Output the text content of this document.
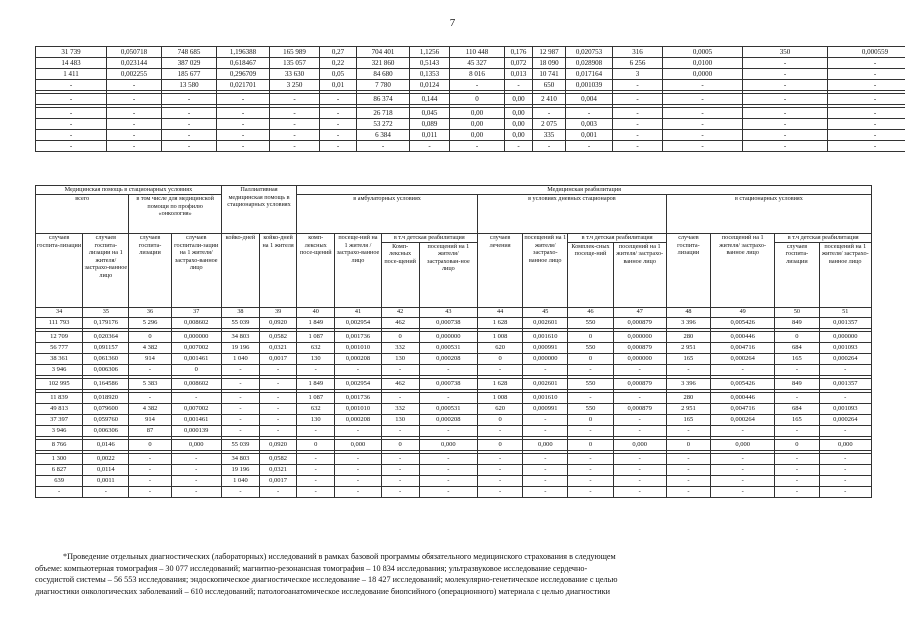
7
31 739	0,050718	748 685	1,196388	165 989	0,27	704 401	1,1256	110 448	0,176	12 987	0,020753	316	0,0005	350	0,000559
14 483	0,023144	387 029	0,618467	135 057	0,22	321 860	0,5143	45 327	0,072	18 090	0,028908	6 256	0,0100	-	-
1 411	0,002255	185 677	0,296709	33 630	0,05	84 680	0,1353	8 016	0,013	10 741	0,017164	3	0,0000	-	-
-	-	13 580	0,021701	3 250	0,01	7 780	0,0124	-	-	650	0,001039	-	-	-	-

-	-	-	-	-	-	86 374	0,144	0	0,00	2 410	0,004	-	-	-	-

-	-	-	-	-	-	26 718	0,045	0,00	0,00	-	-	-	-	-	-
-	-	-	-	-	-	53 272	0,089	0,00	0,00	2 075	0,003	-	-	-	-
-	-	-	-	-	-	6 384	0,011	0,00	0,00	335	0,001	-	-	-	-
-	-	-	-	-	-	-	-	-	-	-	-	-	-	-	-
Медицинская помощь в стационарных условиях				Паллиативная медицинская помощь в стационарных условиях		Медицинская реабилитация											
всего		в том числе для медицинской помощи по профилю «онкология»				в амбулаторных условиях				в условиях дневных стационаров				в стационарных условиях			
случаев госпита-лизации	случаев госпита-лизации на 1 жителя/ застрахо-ванное лицо	случаев госпита-лизации	случаев госпитали-зации на 1 жителя/ застрахо-ванное лицо	койко-дней	койко-дней на 1 жителя	комп-лексных посе-щений	посеще-ний на 1 жителя /застрахо-ванное лицо	в т.ч детская реабилитация		случаев лечения	посещений на 1 жителя/ застрахо-ванное лицо	в т.ч детская реабилитация		случаев госпита-лизации	посещений на 1 жителя/ застрахо-ванное лицо	в т.ч детская реабилитация	
								Комп-лексных посе-щений	посещений на 1 жителя/ застрахован-ное лицо			Комплек-сных посеще-ний	посещений на 1 жителя/ застрахо-ванное лицо			случаев госпита-лизации	посещений на 1 жителя/ застрахо-ванное лицо
34	35	36	37	38	39	40	41	42	43	44	45	46	47	48	49	50	51
111 793	0,179176	5 296	0,008602	55 039	0,0920	1 849	0,002954	462	0,000738	1 628	0,002601	550	0,000879	3 396	0,005426	849	0,001357

12 709	0,020364	0	0,000000	34 803	0,0582	1 087	0,001736	0	0,000000	1 008	0,001610	0	0,000000	280	0,000446	0	0,000000
56 777	0,091157	4 382	0,007002	19 196	0,0321	632	0,001010	332	0,000531	620	0,000991	550	0,000879	2 951	0,004716	684	0,001093
38 361	0,061360	914	0,001461	1 040	0,0017	130	0,000208	130	0,000208	0	0,000000	0	0,000000	165	0,000264	165	0,000264
3 946	0,006306	-	0	-	-	-	-	-	-	-	-	-	-	-	-	-	-

102 995	0,164586	5 383	0,008602	-	-	1 849	0,002954	462	0,000738	1 628	0,002601	550	0,000879	3 396	0,005426	849	0,001357

11 839	0,018920	-	-	-	-	1 087	0,001736	-	-	1 008	0,001610	-	-	280	0,000446	-	-
49 813	0,079600	4 382	0,007002	-	-	632	0,001010	332	0,000531	620	0,000991	550	0,000879	2 951	0,004716	684	0,001093
37 397	0,059760	914	0,001461	-	-	130	0,000208	130	0,000208	0	-	0	-	165	0,000264	165	0,000264
3 946	0,006306	87	0,000139	-	-	-	-	-	-	-	-	-	-	-	-	-	-

8 766	0,0146	0	0,000	55 039	0,0920	0	0,000	0	0,000	0	0,000	0	0,000	0	0,000	0	0,000

1 300	0,0022	-	-	34 803	0,0582	-	-	-	-	-	-	-	-	-	-	-	-
6 827	0,0114	-	-	19 196	0,0321	-	-	-	-	-	-	-	-	-	-	-	-
639	0,0011	-	-	1 040	0,0017	-	-	-	-	-	-	-	-	-	-	-	-
-	-	-	-	-	-	-	-	-	-	-	-	-	-	-	-	-	-

*Проведение отдельных диагностических (лабораторных) исследований в рамках базовой программы обязательного медицинского страхования в следующем

объеме: компьютерная томография – 30 077 исследований; магнитно-резонансная томография – 10 834 исследования; ультразвуковое исследование сердечно-

сосудистой системы – 56 553 исследования; эндоскопическое диагностическое исследование – 18 427 исследований; молекулярно-генетическое исследование с целью

диагностики онкологических заболеваний – 610 исследований; патологоанатомическое исследование биопсийного (операционного) материала с целью диагностики
